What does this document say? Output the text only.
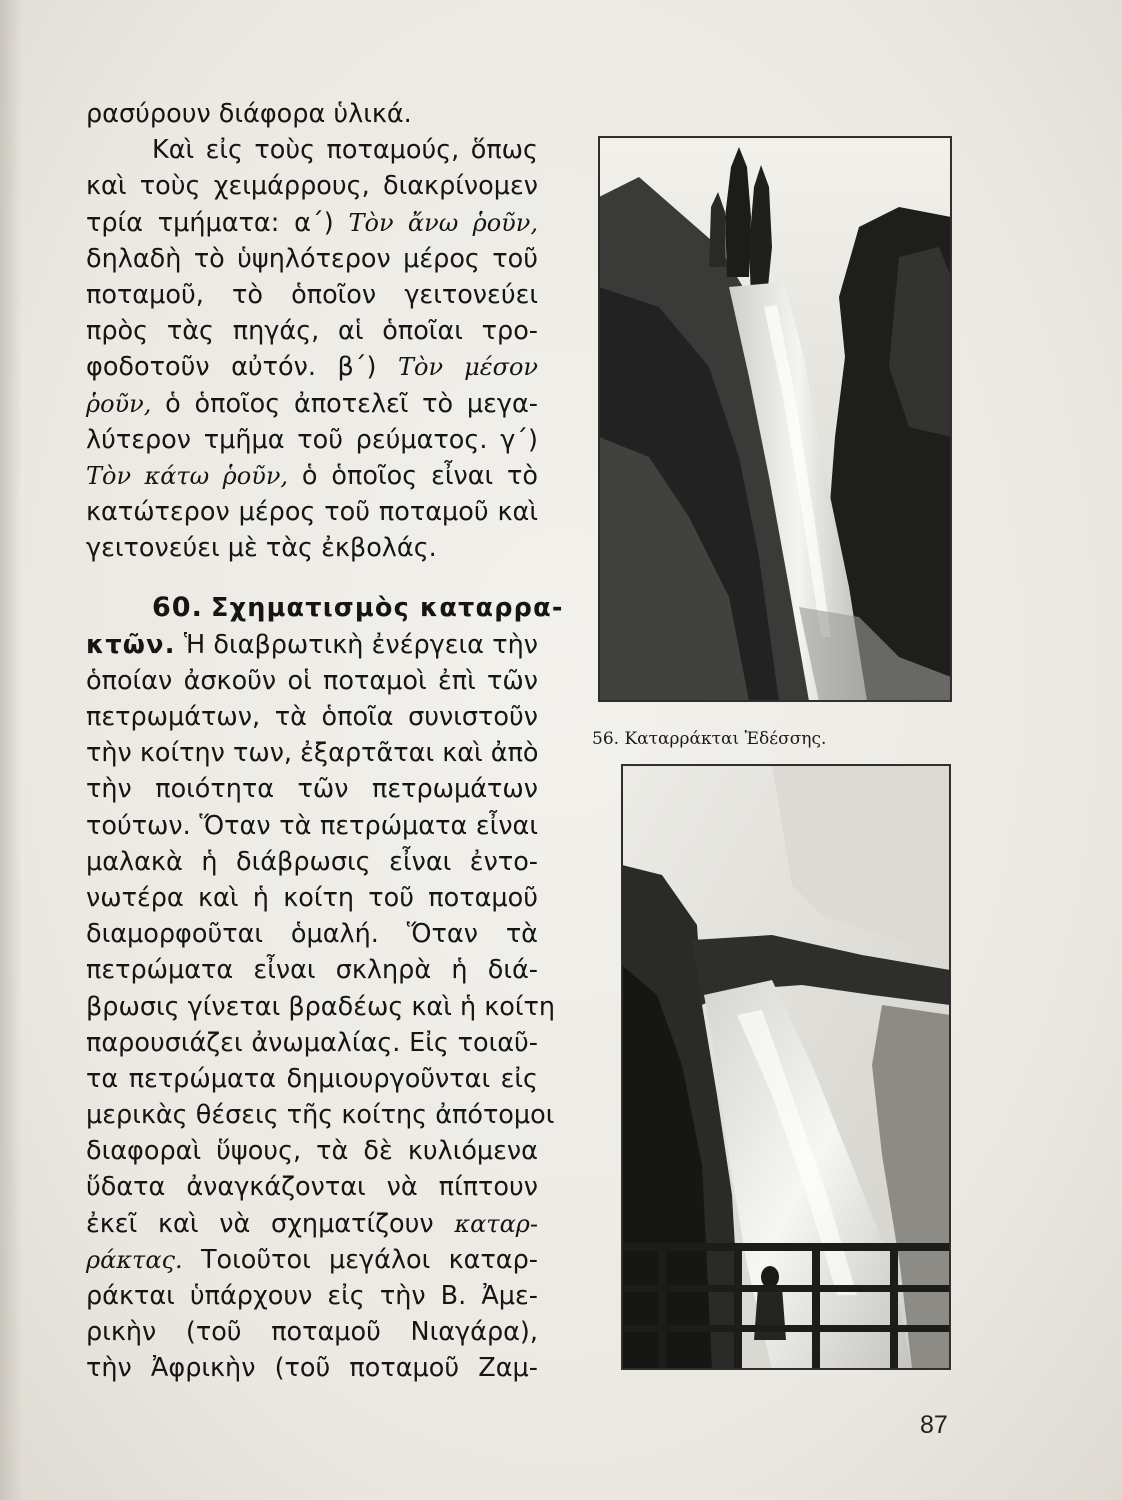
ρασύρουν διάφορα ὑλικά.
Καὶ εἰς τοὺς ποταμούς, ὅπως
καὶ τοὺς χειμάρρους, διακρίνομεν
τρία τμήματα: α΄) Τὸν ἄνω ῥοῦν,
δηλαδὴ τὸ ὑψηλότερον μέρος τοῦ
ποταμοῦ, τὸ ὁποῖον γειτονεύει
πρὸς τὰς πηγάς, αἱ ὁποῖαι τρο-
φοδοτοῦν αὐτόν. β΄) Τὸν μέσον
ῥοῦν, ὁ ὁποῖος ἀποτελεῖ τὸ μεγα-
λύτερον τμῆμα τοῦ ρεύματος. γ΄)
Τὸν κάτω ῥοῦν, ὁ ὁποῖος εἶναι τὸ
κατώτερον μέρος τοῦ ποταμοῦ καὶ
γειτονεύει μὲ τὰς ἐκβολάς.
60. Σχηματισμὸς καταρρα-
κτῶν. Ἡ διαβρωτικὴ ἐνέργεια τὴν
ὁποίαν ἀσκοῦν οἱ ποταμοὶ ἐπὶ τῶν
πετρωμάτων, τὰ ὁποῖα συνιστοῦν
τὴν κοίτην των, ἐξαρτᾶται καὶ ἀπὸ
τὴν ποιότητα τῶν πετρωμάτων
τούτων. Ὅταν τὰ πετρώματα εἶναι
μαλακὰ ἡ διάβρωσις εἶναι ἐντο-
νωτέρα καὶ ἡ κοίτη τοῦ ποταμοῦ
διαμορφοῦται ὁμαλή. Ὅταν τὰ
πετρώματα εἶναι σκληρὰ ἡ διά-
βρωσις γίνεται βραδέως καὶ ἡ κοίτη
παρουσιάζει ἀνωμαλίας. Εἰς τοιαῦ-
τα πετρώματα δημιουργοῦνται εἰς
μερικὰς θέσεις τῆς κοίτης ἀπότομοι
διαφοραὶ ὕψους, τὰ δὲ κυλιόμενα
ὕδατα ἀναγκάζονται νὰ πίπτουν
ἐκεῖ καὶ νὰ σχηματίζουν καταρ-
ράκτας. Τοιοῦτοι μεγάλοι καταρ-
ράκται ὑπάρχουν εἰς τὴν Β. Ἀμε-
ρικὴν (τοῦ ποταμοῦ Νιαγάρα),
τὴν Ἀφρικὴν (τοῦ ποταμοῦ Ζαμ-
56. Καταρράκται Ἐδέσσης.
87
